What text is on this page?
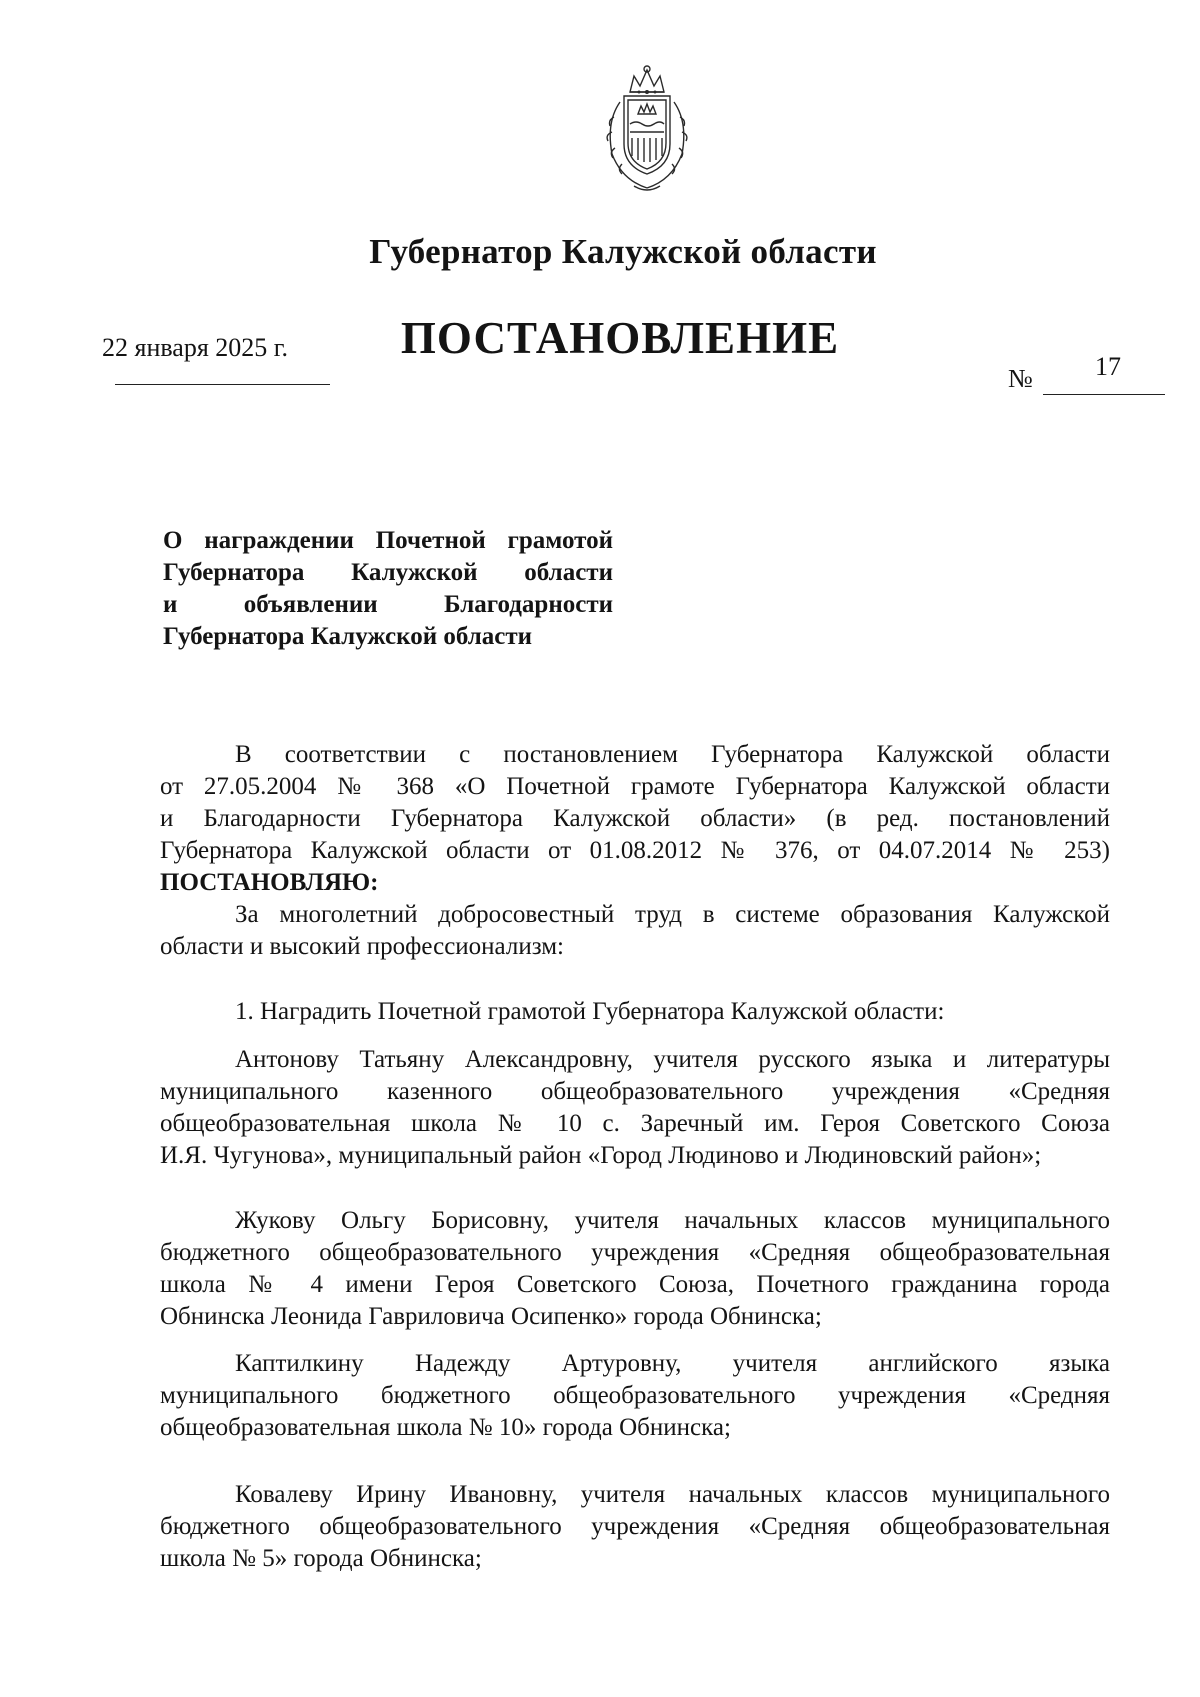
Губернатор Калужской области
ПОСТАНОВЛЕНИЕ
22 января 2025 г.
№ 17
О награждении Почетной грамотой
Губернатора Калужской области
и объявлении Благодарности
Губернатора Калужской области
В соответствии с постановлением Губернатора Калужской области
от 27.05.2004 № 368 «О Почетной грамоте Губернатора Калужской области
и Благодарности Губернатора Калужской области» (в ред. постановлений
Губернатора Калужской области от 01.08.2012 № 376, от 04.07.2014 № 253)
ПОСТАНОВЛЯЮ:
За многолетний добросовестный труд в системе образования Калужской
области и высокий профессионализм:
1. Наградить Почетной грамотой Губернатора Калужской области:
Антонову Татьяну Александровну, учителя русского языка и литературы
муниципального казенного общеобразовательного учреждения «Средняя
общеобразовательная школа № 10 с. Заречный им. Героя Советского Союза
И.Я. Чугунова», муниципальный район «Город Людиново и Людиновский район»;
Жукову Ольгу Борисовну, учителя начальных классов муниципального
бюджетного общеобразовательного учреждения «Средняя общеобразовательная
школа № 4 имени Героя Советского Союза, Почетного гражданина города
Обнинска Леонида Гавриловича Осипенко» города Обнинска;
Каптилкину Надежду Артуровну, учителя английского языка
муниципального бюджетного общеобразовательного учреждения «Средняя
общеобразовательная школа № 10» города Обнинска;
Ковалеву Ирину Ивановну, учителя начальных классов муниципального
бюджетного общеобразовательного учреждения «Средняя общеобразовательная
школа № 5» города Обнинска;
